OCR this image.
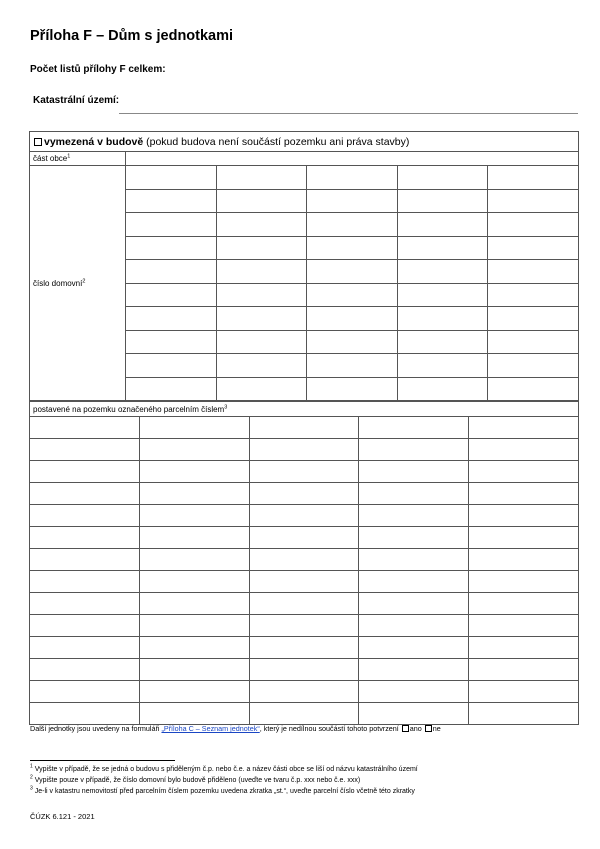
Příloha F – Dům s jednotkami
Počet listů přílohy F celkem:
Katastrální území:
vymezená v budově (pokud budova není součástí pozemku ani práva stavby)					
část obce$^1$	
číslo domovní$^2$					

postavené na pozemku označeného parcelním číslem$^3$

Další jednotky jsou uvedeny na formuláři „Příloha C – Seznam jednotek“, který je nedílnou součástí tohoto potvrzení ano ne
$^1$ Vypište v případě, že se jedná o budovu s přiděleným č.p. nebo č.e. a název části obce se liší od názvu katastrálního území
$^2$ Vypište pouze v případě, že číslo domovní bylo budově přiděleno (uveďte ve tvaru č.p. xxx nebo č.e. xxx)
$^3$ Je-li v katastru nemovitostí před parcelním číslem pozemku uvedena zkratka „st.“, uveďte parcelní číslo včetně této zkratky
ČÚZK 6.121 - 2021
